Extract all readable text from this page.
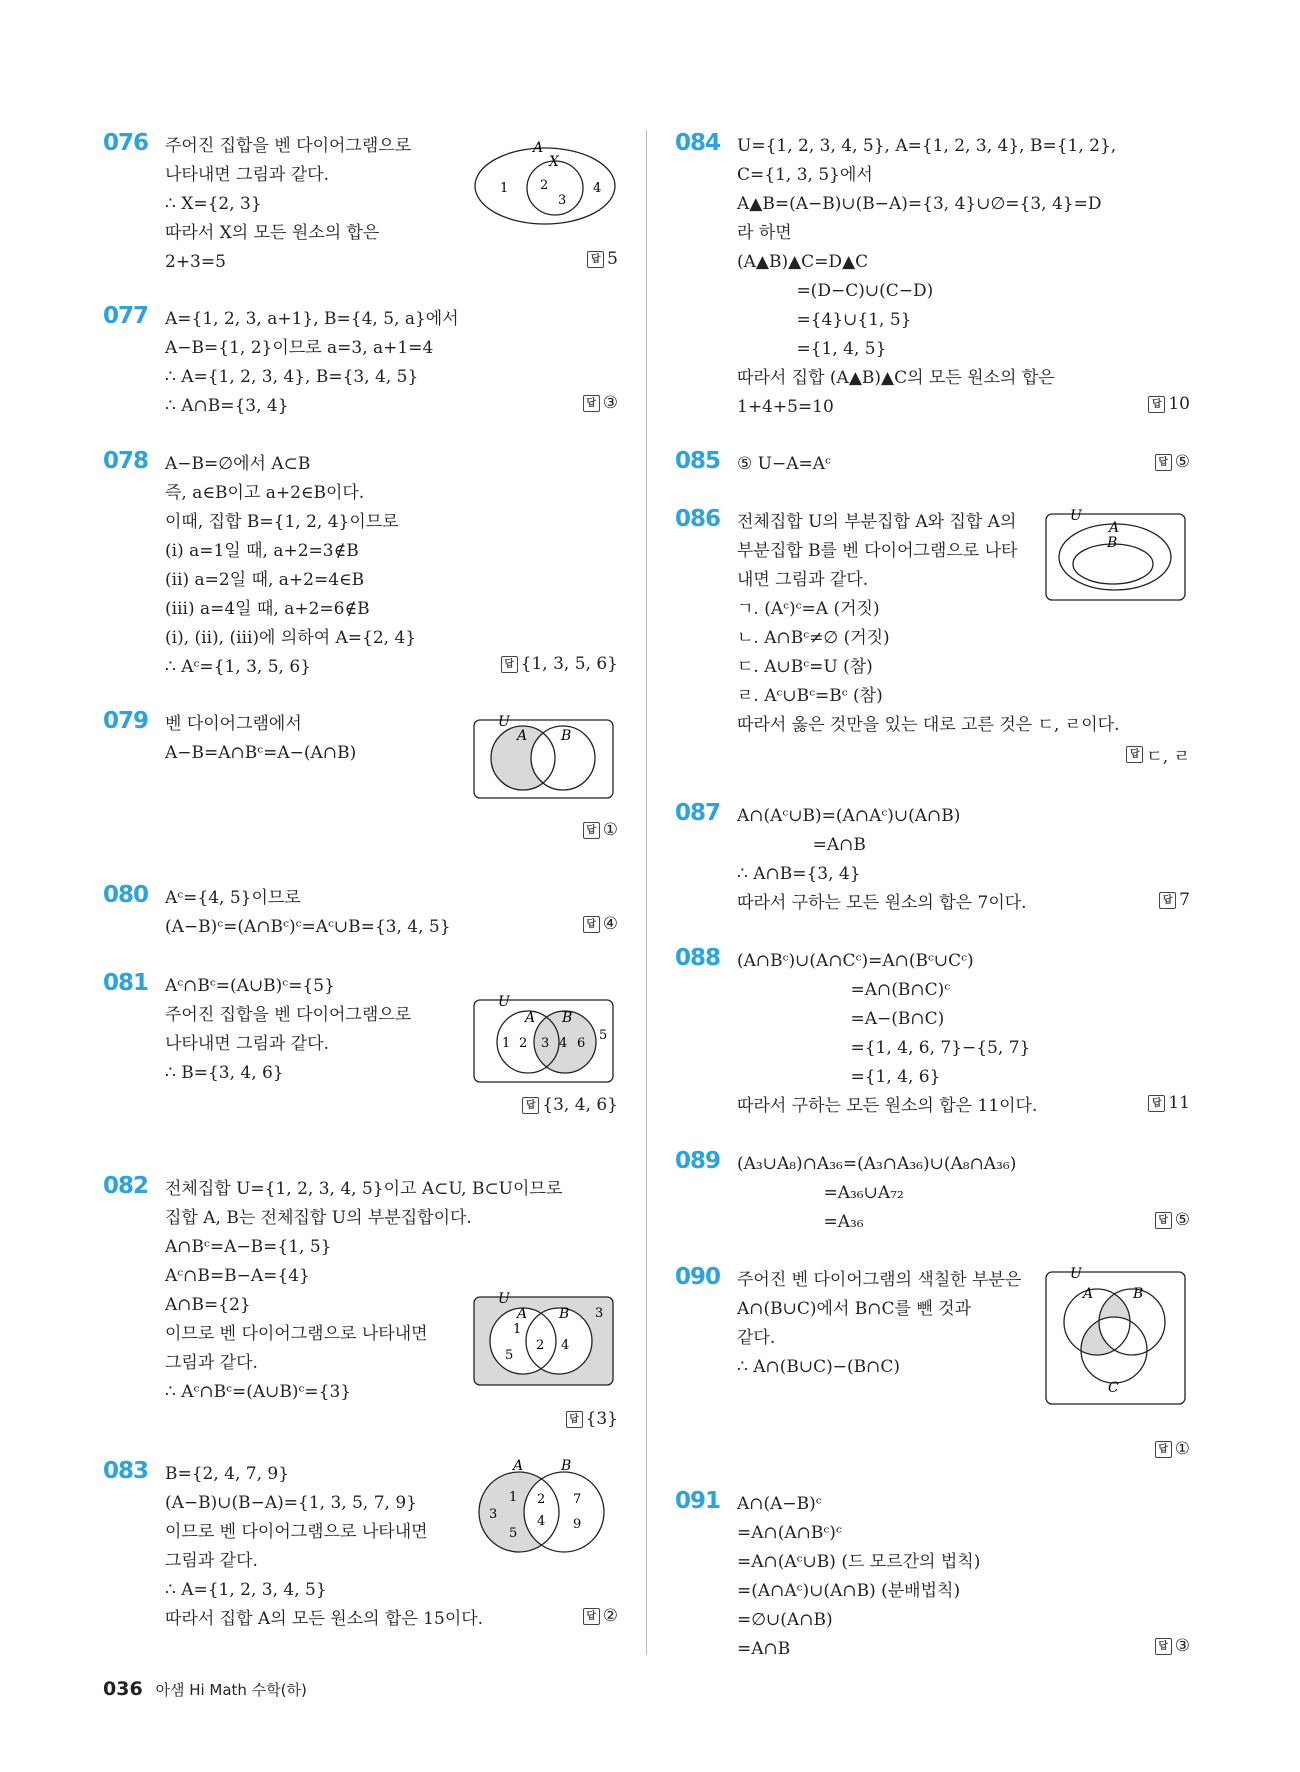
076 주어진 집합을 벤 다이어그램으로
나타내면 그림과 같다.
∴ X={2, 3}
따라서 X의 모든 원소의 합은
2+3=5
A
X
1 2
3
4
답 5
077 A={1, 2, 3, a+1}, B={4, 5, a}에서
A−B={1, 2}이므로 a=3, a+1=4
∴ A={1, 2, 3, 4}, B={3, 4, 5}
∴ A∩B={3, 4}	답 ③
078 A−B=∅에서 A⊂B
즉, a∈B이고 a+2∈B이다.
이때, 집합 B={1, 2, 4}이므로
(ⅰ) a=1일 때, a+2=3∉B
(ⅱ) a=2일 때, a+2=4∈B
(ⅲ) a=4일 때, a+2=6∉B
(ⅰ), (ⅱ), (ⅲ)에 의하여 A={2, 4}
∴ Aᶜ={1, 3, 5, 6}	답 {1, 3, 5, 6}
079 벤 다이어그램에서
A−B=A∩Bᶜ=A−(A∩B)
U
A B
답 ①
080 Aᶜ={4, 5}이므로
(A−B)ᶜ=(A∩Bᶜ)ᶜ=Aᶜ∪B={3, 4, 5}	답 ④
081 Aᶜ∩Bᶜ=(A∪B)ᶜ={5}
주어진 집합을 벤 다이어그램으로
나타내면 그림과 같다.
∴ B={3, 4, 6}
U
A B
1 2 3 4 6
5
답 {3, 4, 6}
082 전체집합 U={1, 2, 3, 4, 5}이고 A⊂U, B⊂U이므로
집합 A, B는 전체집합 U의 부분집합이다.
A∩Bᶜ=A−B={1, 5}
Aᶜ∩B=B−A={4}
A∩B={2}
이므로 벤 다이어그램으로 나타내면
그림과 같다.
∴ Aᶜ∩Bᶜ=(A∪B)ᶜ={3}
U
A B
1
5
2 4
3
답 {3}
083 B={2, 4, 7, 9}
(A−B)∪(B−A)={1, 3, 5, 7, 9}
이므로 벤 다이어그램으로 나타내면
그림과 같다.
∴ A={1, 2, 3, 4, 5}
따라서 집합 A의 모든 원소의 합은 15이다.
A	B
1
3
5
2
4
7
9
답 ②
084 U={1, 2, 3, 4, 5}, A={1, 2, 3, 4}, B={1, 2},
C={1, 3, 5}에서
A▲B=(A−B)∪(B−A)={3, 4}∪∅={3, 4}=D
라 하면
(A▲B)▲C=D▲C
=(D−C)∪(C−D)
={4}∪{1, 5}
={1, 4, 5}
따라서 집합 (A▲B)▲C의 모든 원소의 합은
1+4+5=10	답 10
085 ⑤ U−A=Aᶜ	답 ⑤
086 전체집합 U의 부분집합 A와 집합 A의
부분집합 B를 벤 다이어그램으로 나타
내면 그림과 같다.
ㄱ. (Aᶜ)ᶜ=A (거짓)
ㄴ. A∩Bᶜ≠∅ (거짓)
ㄷ. A∪Bᶜ=U (참)
ㄹ. Aᶜ∪Bᶜ=Bᶜ (참)
따라서 옳은 것만을 있는 대로 고른 것은 ㄷ, ㄹ이다.
U
A
B
답 ㄷ, ㄹ
087 A∩(Aᶜ∪B)=(A∩Aᶜ)∪(A∩B)
=A∩B
∴ A∩B={3, 4}
따라서 구하는 모든 원소의 합은 7이다.	답 7
088 (A∩Bᶜ)∪(A∩Cᶜ)=A∩(Bᶜ∪Cᶜ)
=A∩(B∩C)ᶜ
=A−(B∩C)
={1, 4, 6, 7}−{5, 7}
={1, 4, 6}
따라서 구하는 모든 원소의 합은 11이다.	답 11
089 (A₃∪A₈)∩A₃₆=(A₃∩A₃₆)∪(A₈∩A₃₆)
=A₃₆∪A₇₂
=A₃₆	답 ⑤
090 주어진 벤 다이어그램의 색칠한 부분은
A∩(B∪C)에서 B∩C를 뺀 것과
같다.
∴ A∩(B∪C)−(B∩C)
U
A	B
C
답 ①
091 A∩(A−B)ᶜ
=A∩(A∩Bᶜ)ᶜ
=A∩(Aᶜ∪B) (드 모르간의 법칙)
=(A∩Aᶜ)∪(A∩B) (분배법칙)
=∅∪(A∩B)
=A∩B	답 ③
036 아샘 Hi Math 수학(하)
